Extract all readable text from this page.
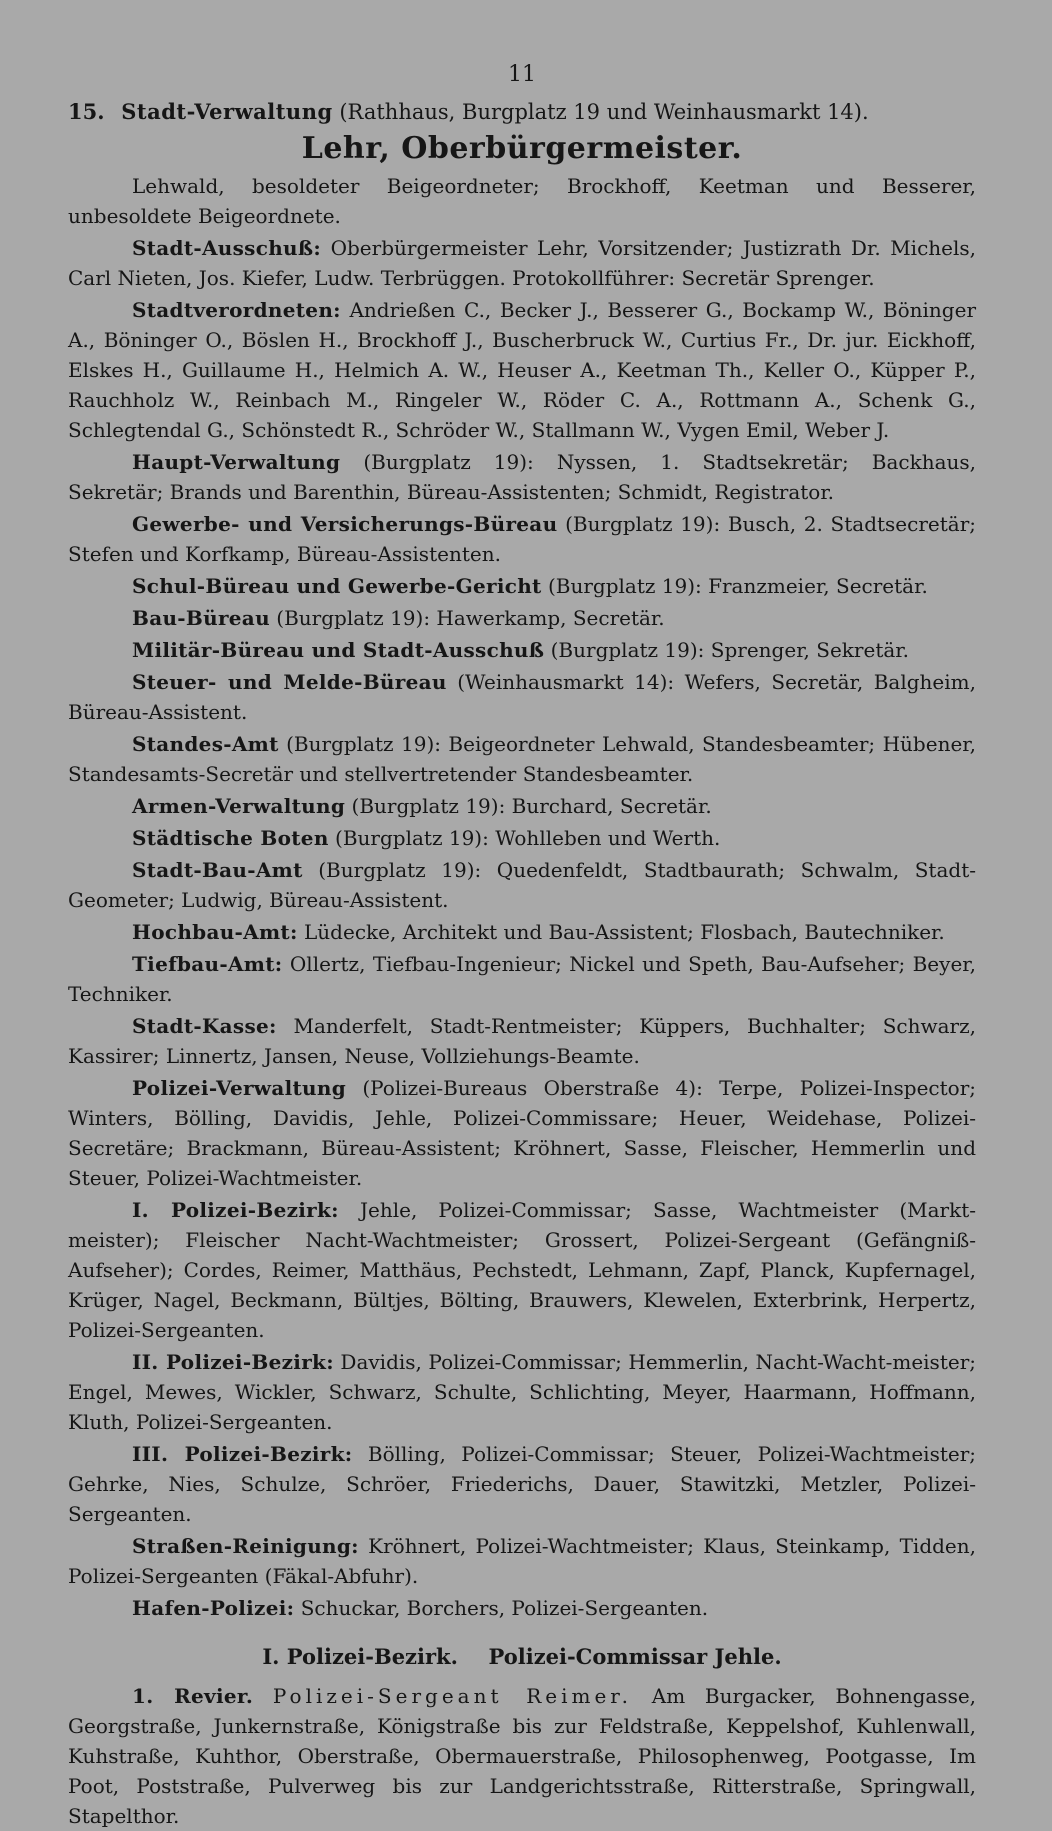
11

15. Stadt-Verwaltung (Rathhaus, Burgplatz 19 und Weinhausmarkt 14).

Lehr, Oberbürgermeister.

Lehwald, besoldeter Beigeordneter; Brockhoff, Keetman und Besserer, unbesoldete Beigeordnete.

Stadt-Ausschuß: Oberbürgermeister Lehr, Vorsitzender; Justizrath Dr. Michels, Carl Nieten, Jos. Kiefer, Ludw. Terbrüggen. Protokollführer: Secretär Sprenger.

Stadtverordneten: Andrießen C., Becker J., Besserer G., Bockamp W., Böninger A., Böninger O., Böslen H., Brockhoff J., Buscherbruck W., Curtius Fr., Dr. jur. Eickhoff, Elskes H., Guillaume H., Helmich A. W., Heuser A., Keetman Th., Keller O., Küpper P., Rauchholz W., Reinbach M., Ringeler W., Röder C. A., Rottmann A., Schenk G., Schlegtendal G., Schönstedt R., Schröder W., Stallmann W., Vygen Emil, Weber J.

Haupt-Verwaltung (Burgplatz 19): Nyssen, 1. Stadtsekretär; Backhaus, Sekretär; Brands und Barenthin, Büreau-Assistenten; Schmidt, Registrator.

Gewerbe- und Versicherungs-Büreau (Burgplatz 19): Busch, 2. Stadtsecretär; Stefen und Korfkamp, Büreau-Assistenten.

Schul-Büreau und Gewerbe-Gericht (Burgplatz 19): Franzmeier, Secretär.

Bau-Büreau (Burgplatz 19): Hawerkamp, Secretär.

Militär-Büreau und Stadt-Ausschuß (Burgplatz 19): Sprenger, Sekretär.

Steuer- und Melde-Büreau (Weinhausmarkt 14): Wefers, Secretär, Balgheim, Büreau-Assistent.

Standes-Amt (Burgplatz 19): Beigeordneter Lehwald, Standesbeamter; Hübener, Standesamts-Secretär und stellvertretender Standesbeamter.

Armen-Verwaltung (Burgplatz 19): Burchard, Secretär.

Städtische Boten (Burgplatz 19): Wohlleben und Werth.

Stadt-Bau-Amt (Burgplatz 19): Quedenfeldt, Stadtbaurath; Schwalm, Stadt-Geometer; Ludwig, Büreau-Assistent.

Hochbau-Amt: Lüdecke, Architekt und Bau-Assistent; Flosbach, Bautechniker.

Tiefbau-Amt: Ollertz, Tiefbau-Ingenieur; Nickel und Speth, Bau-Aufseher; Beyer, Techniker.

Stadt-Kasse: Manderfelt, Stadt-Rentmeister; Küppers, Buchhalter; Schwarz, Kassirer; Linnertz, Jansen, Neuse, Vollziehungs-Beamte.

Polizei-Verwaltung (Polizei-Bureaus Oberstraße 4): Terpe, Polizei-Inspector; Winters, Bölling, Davidis, Jehle, Polizei-Commissare; Heuer, Weidehase, Polizei-Secretäre; Brackmann, Büreau-Assistent; Kröhnert, Sasse, Fleischer, Hemmerlin und Steuer, Polizei-Wachtmeister.

I. Polizei-Bezirk: Jehle, Polizei-Commissar; Sasse, Wachtmeister (Markt-meister); Fleischer Nacht-Wachtmeister; Grossert, Polizei-Sergeant (Gefängniß-Aufseher); Cordes, Reimer, Matthäus, Pechstedt, Lehmann, Zapf, Planck, Kupfernagel, Krüger, Nagel, Beckmann, Bültjes, Bölting, Brauwers, Klewelen, Exterbrink, Herpertz, Polizei-Sergeanten.

II. Polizei-Bezirk: Davidis, Polizei-Commissar; Hemmerlin, Nacht-Wacht-meister; Engel, Mewes, Wickler, Schwarz, Schulte, Schlichting, Meyer, Haarmann, Hoffmann, Kluth, Polizei-Sergeanten.

III. Polizei-Bezirk: Bölling, Polizei-Commissar; Steuer, Polizei-Wachtmeister; Gehrke, Nies, Schulze, Schröer, Friederichs, Dauer, Stawitzki, Metzler, Polizei-Sergeanten.

Straßen-Reinigung: Kröhnert, Polizei-Wachtmeister; Klaus, Steinkamp, Tidden, Polizei-Sergeanten (Fäkal-Abfuhr).

Hafen-Polizei: Schuckar, Borchers, Polizei-Sergeanten.

I. Polizei-Bezirk. Polizei-Commissar Jehle.

1. Revier. Polizei-Sergeant Reimer. Am Burgacker, Bohnengasse, Georgstraße, Junkernstraße, Königstraße bis zur Feldstraße, Keppelshof, Kuhlenwall, Kuhstraße, Kuhthor, Oberstraße, Obermauerstraße, Philosophenweg, Pootgasse, Im Poot, Poststraße, Pulverweg bis zur Landgerichtsstraße, Ritterstraße, Springwall, Stapelthor.
